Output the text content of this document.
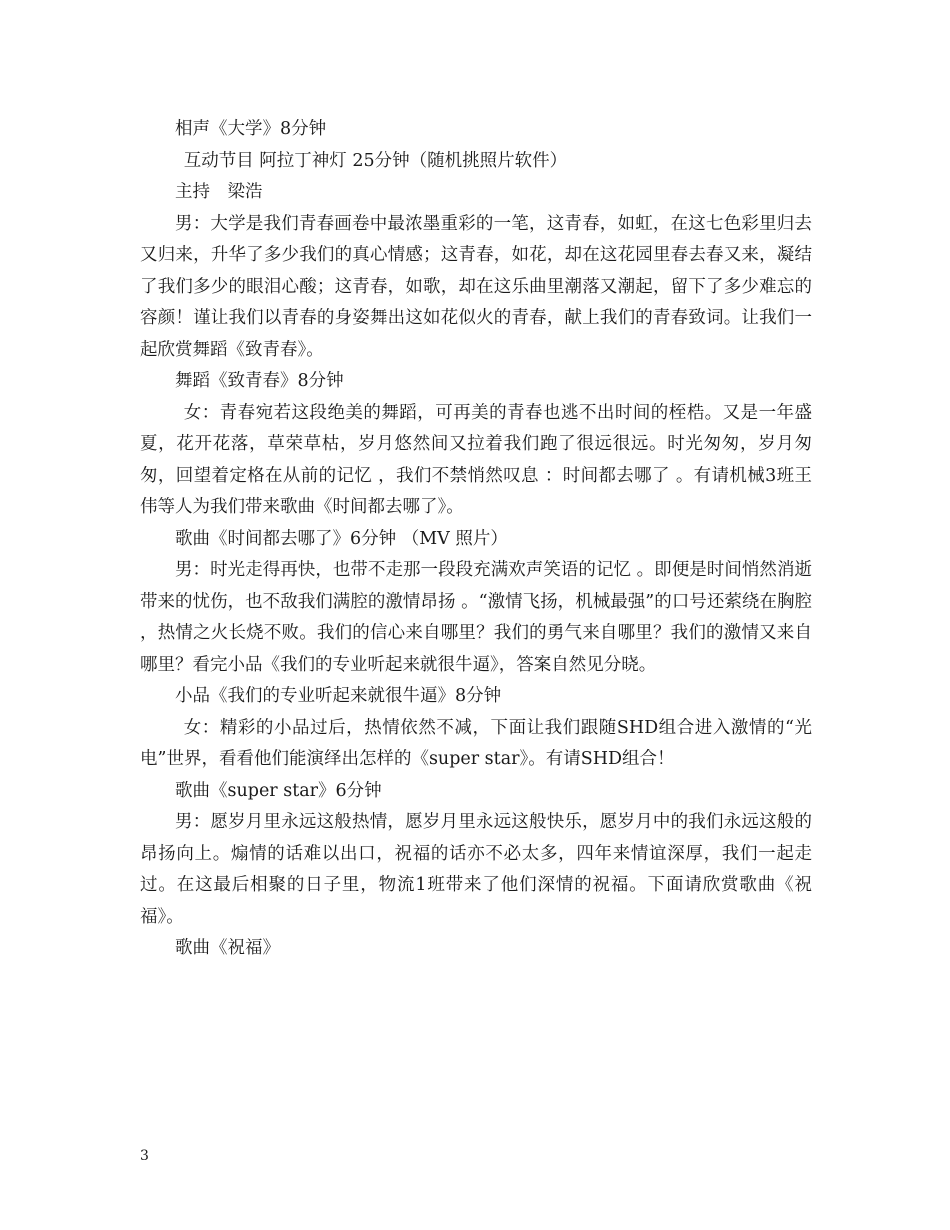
相声《大学》8分钟

互动节目 阿拉丁神灯 25分钟（随机挑照片软件）

主持　梁浩

男：大学是我们青春画卷中最浓墨重彩的一笔，这青春，如虹，在这七色彩里归去又归来，升华了多少我们的真心情感；这青春，如花，却在这花园里春去春又来，凝结了我们多少的眼泪心酸；这青春，如歌，却在这乐曲里潮落又潮起，留下了多少难忘的容颜！谨让我们以青春的身姿舞出这如花似火的青春，献上我们的青春致词。让我们一起欣赏舞蹈《致青春》。

舞蹈《致青春》8分钟

女：青春宛若这段绝美的舞蹈，可再美的青春也逃不出时间的桎梏。又是一年盛夏，花开花落，草荣草枯，岁月悠然间又拉着我们跑了很远很远。时光匆匆，岁月匆匆，回望着定格在从前的记忆 ，我们不禁悄然叹息 ：时间都去哪了 。有请机械3班王伟等人为我们带来歌曲《时间都去哪了》。

歌曲《时间都去哪了》6分钟 （MV 照片）

男：时光走得再快，也带不走那一段段充满欢声笑语的记忆 。即便是时间悄然消逝带来的忧伤，也不敌我们满腔的激情昂扬 。“激情飞扬，机械最强”的口号还萦绕在胸腔 ，热情之火长烧不败。我们的信心来自哪里？我们的勇气来自哪里？我们的激情又来自哪里？看完小品《我们的专业听起来就很牛逼》，答案自然见分晓。

小品《我们的专业听起来就很牛逼》8分钟

女：精彩的小品过后，热情依然不减，下面让我们跟随SHD组合进入激情的“光电”世界，看看他们能演绎出怎样的《super star》。有请SHD组合！

歌曲《super star》6分钟

男：愿岁月里永远这般热情，愿岁月里永远这般快乐，愿岁月中的我们永远这般的昂扬向上。煽情的话难以出口，祝福的话亦不必太多，四年来情谊深厚，我们一起走过。在这最后相聚的日子里，物流1班带来了他们深情的祝福。下面请欣赏歌曲《祝福》。

歌曲《祝福》

3
